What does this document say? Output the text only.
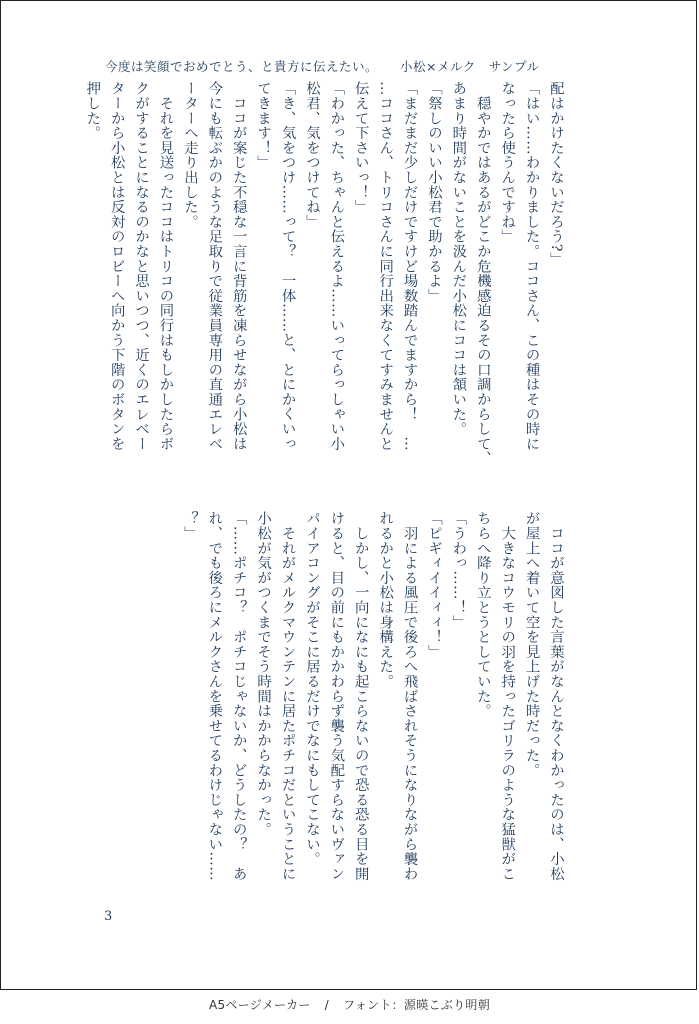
今度は笑顔でおめでとう、と貴方に伝えたい。 小松×メルク　サンプル

配はかけたくないだろう?」

「はい……わかりました。ココさん、この種はその時に

なったら使うんですね」

　穏やかではあるがどこか危機感迫るその口調からして、

あまり時間がないことを汲んだ小松にココは頷いた。

「祭しのいい小松君で助かるよ」

「まだまだ少しだけですけど場数踏んでますから！　…

…ココさん、トリコさんに同行出来なくてすみませんと

伝えて下さいっ！」

「わかった、ちゃんと伝えるよ……いってらっしゃい小

松君、気をつけてね」

「き、気をつけ……って？　一体……と、とにかくいっ

てきます！」

　ココが案じた不穏な一言に背筋を凍らせながら小松は

今にも転ぶかのような足取りで従業員専用の直通エレベ

ーターへ走り出した。

　それを見送ったココはトリコの同行はもしかしたらボ

クがすることになるのかなと思いつつ、近くのエレベー

ターから小松とは反対のロビーへ向かう下階のボタンを

押した。

　ココが意図した言葉がなんとなくわかったのは、小松

が屋上へ着いて空を見上げた時だった。

　大きなコウモリの羽を持ったゴリラのような猛獣がこ

ちらへ降り立とうとしていた。

「うわっ……！」

「ピギィイイィィ！」

　羽による風圧で後ろへ飛ばされそうになりながら襲わ

れるかと小松は身構えた。

　しかし、一向になにも起こらないので恐る恐る目を開

けると、目の前にもかかわらず襲う気配すらないヴァン

パイアコングがそこに居るだけでなにもしてこない。

　それがメルクマウンテンに居たポチコだということに

小松が気がつくまでそう時間はかからなかった。

「……ポチコ？　ポチコじゃないか、どうしたの？　あ

れ、でも後ろにメルクさんを乗せてるわけじゃない……

？」

3
A5ページメーカー / フォント：源暎こぶり明朝
